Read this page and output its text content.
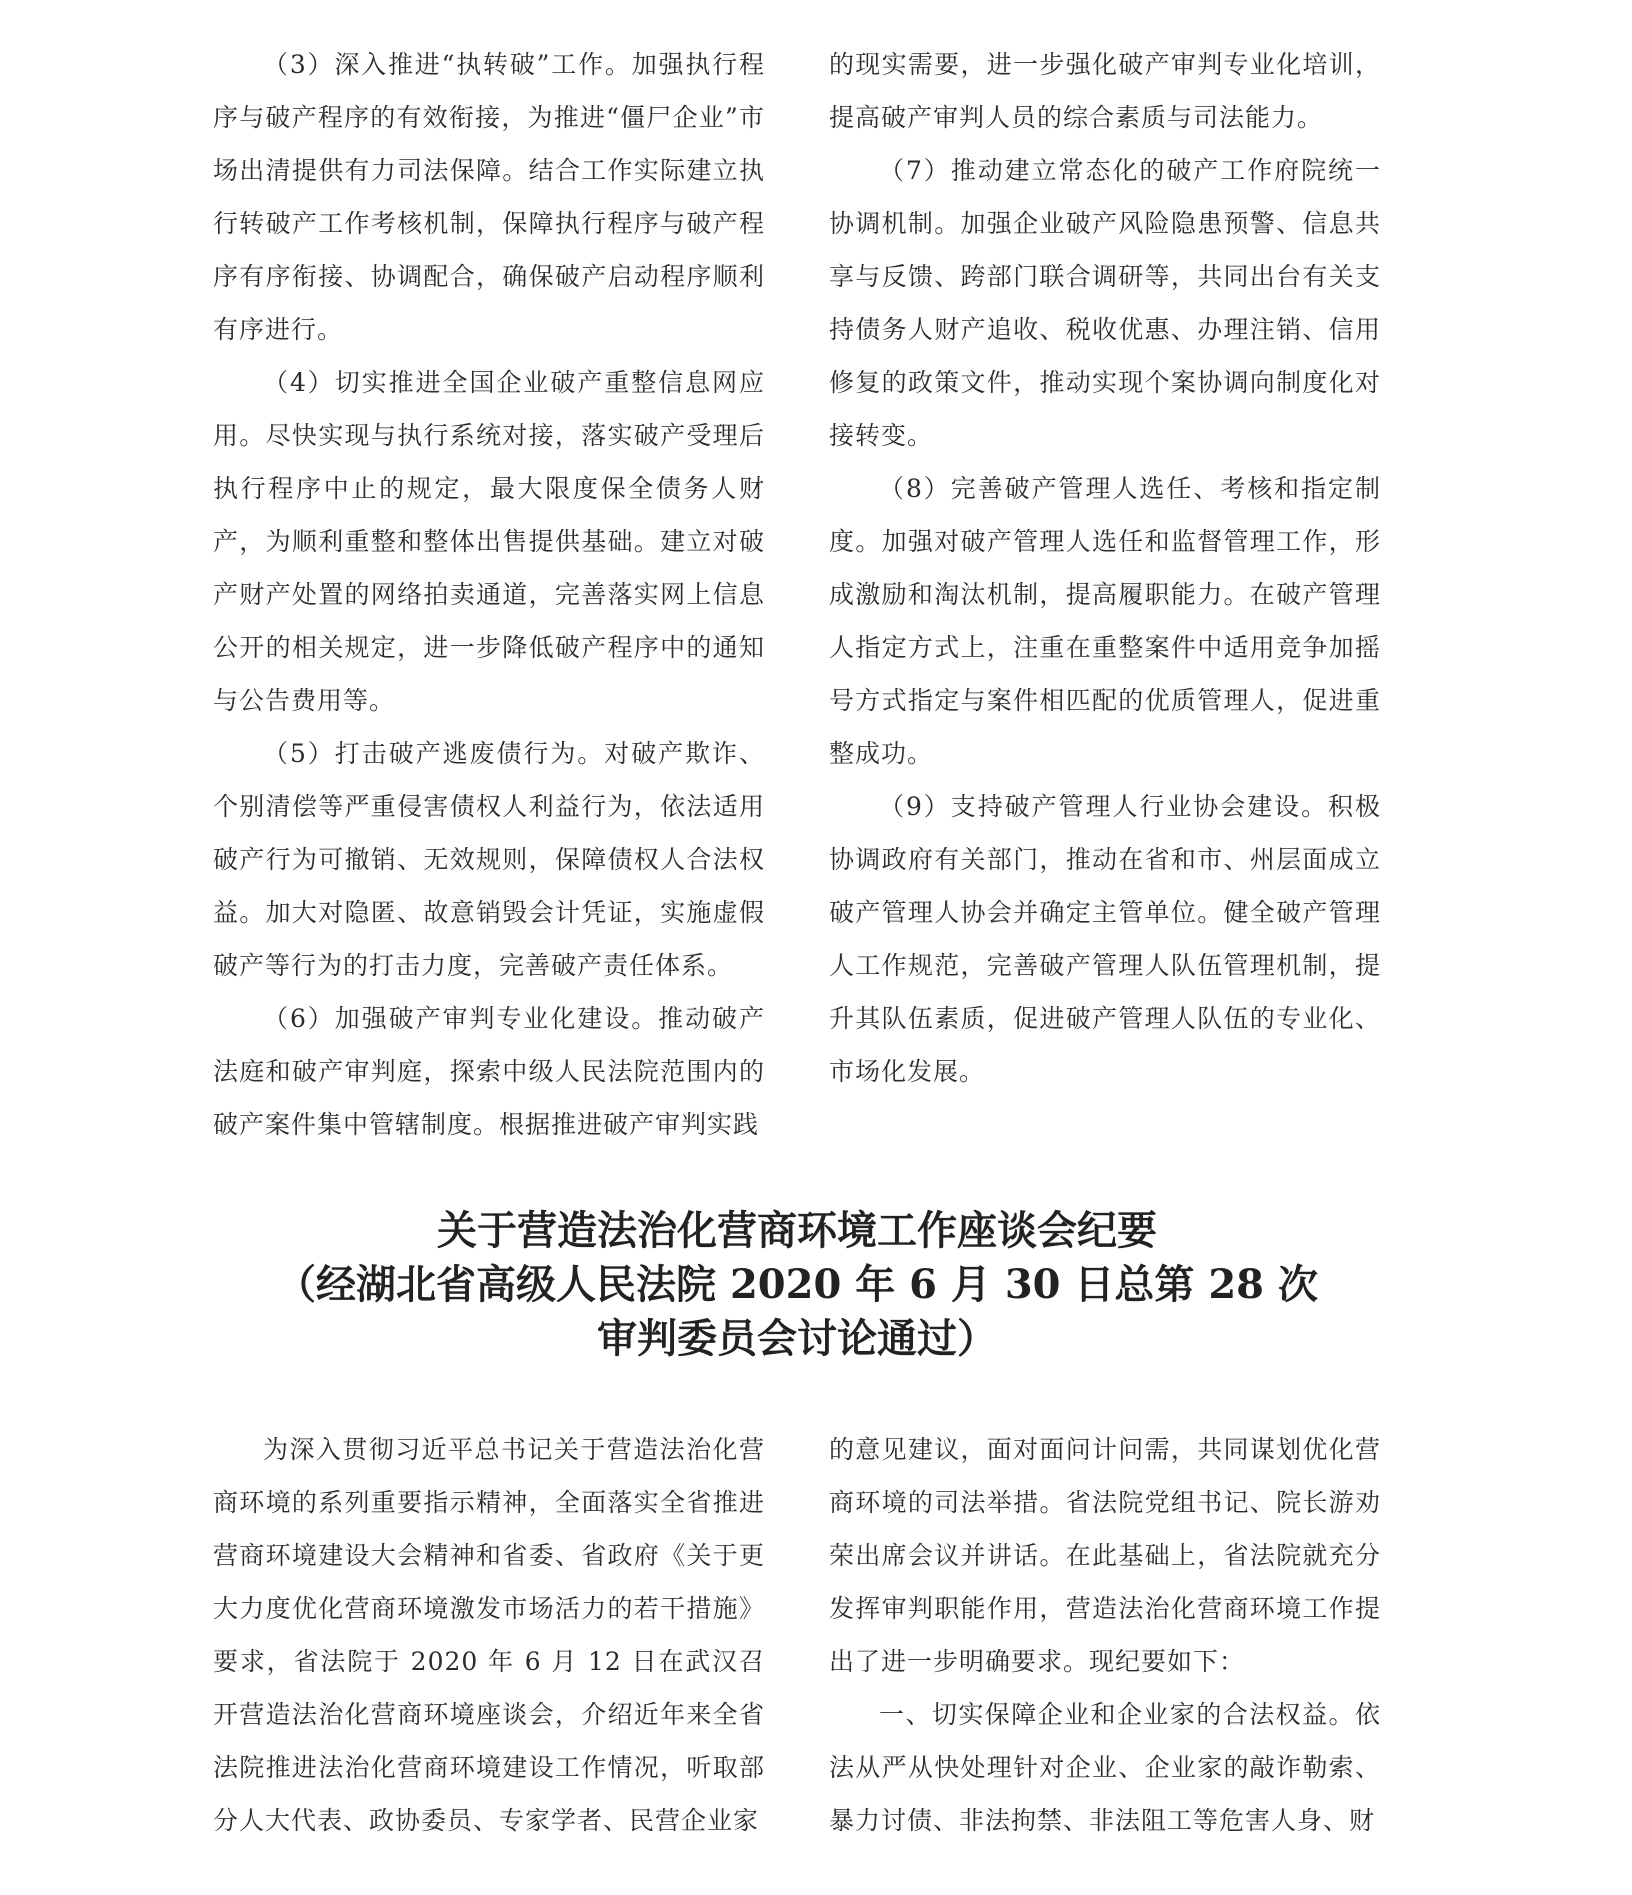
（3）深入推进“执转破”工作。加强执行程序与破产程序的有效衔接，为推进“僵尸企业”市场出清提供有力司法保障。结合工作实际建立执行转破产工作考核机制，保障执行程序与破产程序有序衔接、协调配合，确保破产启动程序顺利有序进行。

（4）切实推进全国企业破产重整信息网应用。尽快实现与执行系统对接，落实破产受理后执行程序中止的规定，最大限度保全债务人财产，为顺利重整和整体出售提供基础。建立对破产财产处置的网络拍卖通道，完善落实网上信息公开的相关规定，进一步降低破产程序中的通知与公告费用等。

（5）打击破产逃废债行为。对破产欺诈、个别清偿等严重侵害债权人利益行为，依法适用破产行为可撤销、无效规则，保障债权人合法权益。加大对隐匿、故意销毁会计凭证，实施虚假破产等行为的打击力度，完善破产责任体系。

（6）加强破产审判专业化建设。推动破产法庭和破产审判庭，探索中级人民法院范围内的破产案件集中管辖制度。根据推进破产审判实践

的现实需要，进一步强化破产审判专业化培训，提高破产审判人员的综合素质与司法能力。

（7）推动建立常态化的破产工作府院统一协调机制。加强企业破产风险隐患预警、信息共享与反馈、跨部门联合调研等，共同出台有关支持债务人财产追收、税收优惠、办理注销、信用修复的政策文件，推动实现个案协调向制度化对接转变。

（8）完善破产管理人选任、考核和指定制度。加强对破产管理人选任和监督管理工作，形成激励和淘汰机制，提高履职能力。在破产管理人指定方式上，注重在重整案件中适用竞争加摇号方式指定与案件相匹配的优质管理人，促进重整成功。

（9）支持破产管理人行业协会建设。积极协调政府有关部门，推动在省和市、州层面成立破产管理人协会并确定主管单位。健全破产管理人工作规范，完善破产管理人队伍管理机制，提升其队伍素质，促进破产管理人队伍的专业化、市场化发展。

关于营造法治化营商环境工作座谈会纪要
（经湖北省高级人民法院 2020 年 6 月 30 日总第 28 次
审判委员会讨论通过）

为深入贯彻习近平总书记关于营造法治化营商环境的系列重要指示精神，全面落实全省推进营商环境建设大会精神和省委、省政府《关于更大力度优化营商环境激发市场活力的若干措施》要求，省法院于 2020 年 6 月 12 日在武汉召开营造法治化营商环境座谈会，介绍近年来全省法院推进法治化营商环境建设工作情况，听取部分人大代表、政协委员、专家学者、民营企业家

的意见建议，面对面问计问需，共同谋划优化营商环境的司法举措。省法院党组书记、院长游劝荣出席会议并讲话。在此基础上，省法院就充分发挥审判职能作用，营造法治化营商环境工作提出了进一步明确要求。现纪要如下：

一、切实保障企业和企业家的合法权益。依法从严从快处理针对企业、企业家的敲诈勒索、暴力讨债、非法拘禁、非法阻工等危害人身、财
